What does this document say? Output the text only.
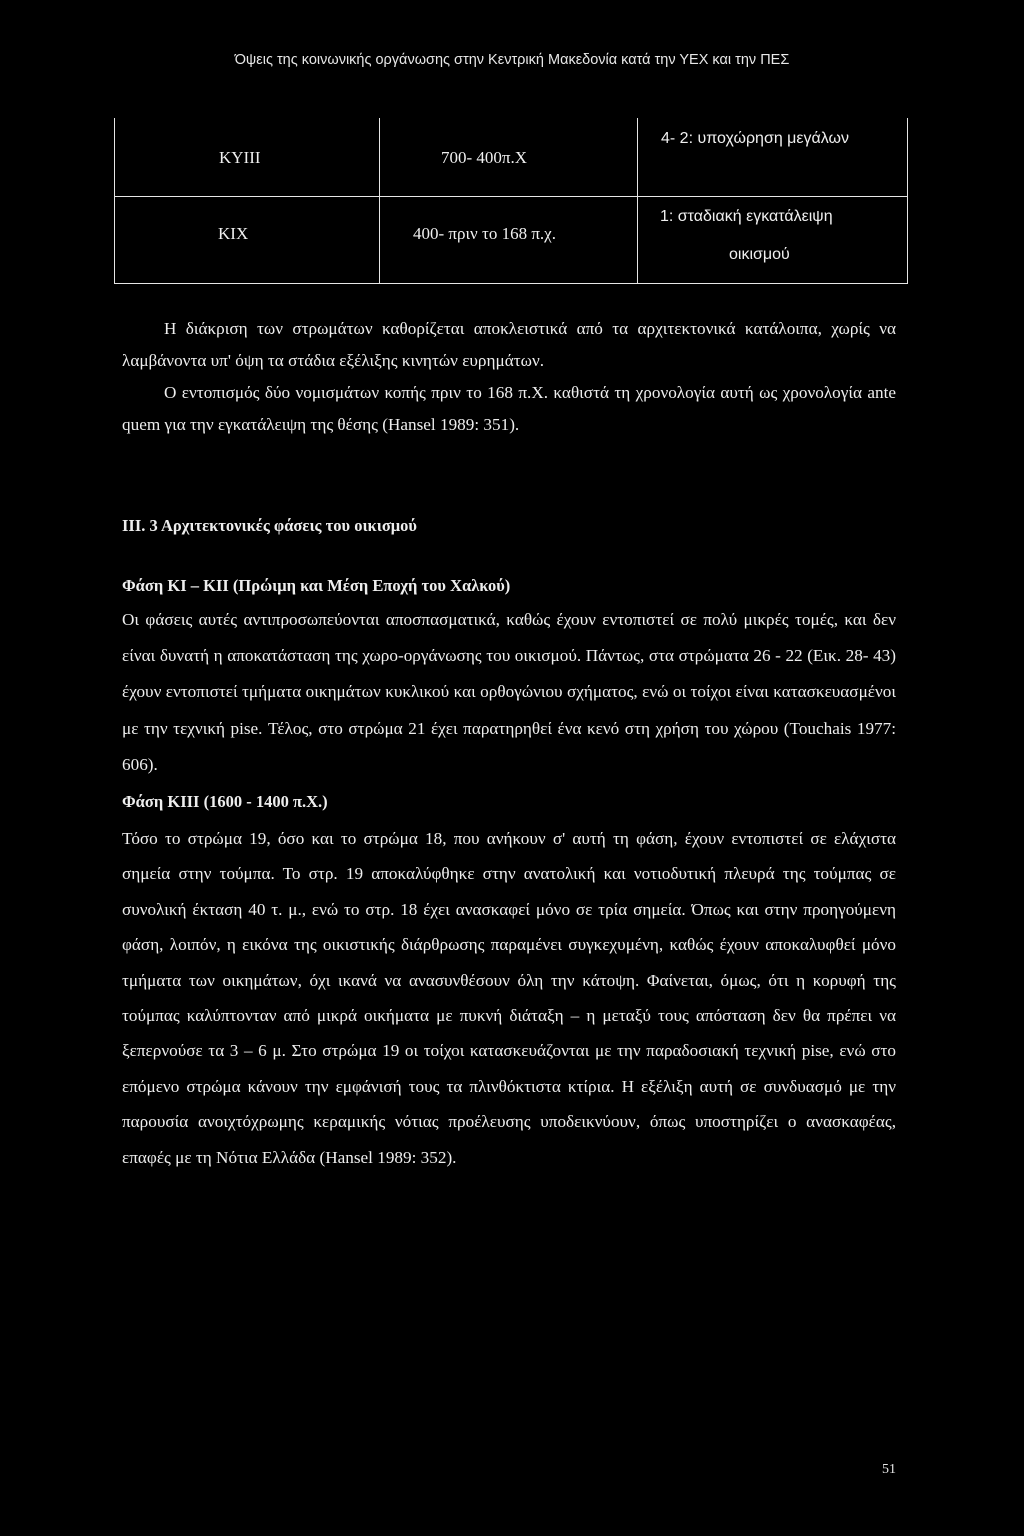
Όψεις της κοινωνικής οργάνωσης στην Κεντρική Μακεδονία κατά την ΥΕΧ και την ΠΕΣ
ΚΥΙΙΙ	700- 400π.Χ
4- 2: υποχώρηση μεγάλων
ΚΙΧ	400- πριν το 168 π.χ.
1: σταδιακή εγκατάλειψη
οικισμού

Η διάκριση των στρωμάτων καθορίζεται αποκλειστικά από τα αρχιτεκτονικά κατάλοιπα, χωρίς να λαμβάνοντα υπ' όψη τα στάδια εξέλιξης κινητών ευρημάτων.

Ο εντοπισμός δύο νομισμάτων κοπής πριν το 168 π.Χ. καθιστά τη χρονολογία αυτή ως χρονολογία ante quem για την εγκατάλειψη της θέσης (Hansel 1989: 351).

ΙΙΙ. 3 Αρχιτεκτονικές φάσεις του οικισμού

Φάση ΚΙ – ΚΙΙ (Πρώιμη και Μέση Εποχή του Χαλκού)

Οι φάσεις αυτές αντιπροσωπεύονται αποσπασματικά, καθώς έχουν εντοπιστεί σε πολύ μικρές τομές, και δεν είναι δυνατή η αποκατάσταση της χωρο-οργάνωσης του οικισμού. Πάντως, στα στρώματα 26 - 22 (Εικ. 28- 43) έχουν εντοπιστεί τμήματα οικημάτων κυκλικού και ορθογώνιου σχήματος, ενώ οι τοίχοι είναι κατασκευασμένοι με την τεχνική pise. Τέλος, στο στρώμα 21 έχει παρατηρηθεί ένα κενό στη χρήση του χώρου (Touchais 1977: 606).

Φάση ΚΙΙΙ (1600 - 1400 π.Χ.)

Τόσο το στρώμα 19, όσο και το στρώμα 18, που ανήκουν σ' αυτή τη φάση, έχουν εντοπιστεί σε ελάχιστα σημεία στην τούμπα. Το στρ. 19 αποκαλύφθηκε στην ανατολική και νοτιοδυτική πλευρά της τούμπας σε συνολική έκταση 40 τ. μ., ενώ το στρ. 18 έχει ανασκαφεί μόνο σε τρία σημεία. Όπως και στην προηγούμενη φάση, λοιπόν, η εικόνα της οικιστικής διάρθρωσης παραμένει συγκεχυμένη, καθώς έχουν αποκαλυφθεί μόνο τμήματα των οικημάτων, όχι ικανά να ανασυνθέσουν όλη την κάτοψη. Φαίνεται, όμως, ότι η κορυφή της τούμπας καλύπτονταν από μικρά οικήματα με πυκνή διάταξη – η μεταξύ τους απόσταση δεν θα πρέπει να ξεπερνούσε τα 3 – 6 μ. Στο στρώμα 19 οι τοίχοι κατασκευάζονται με την παραδοσιακή τεχνική pise, ενώ στο επόμενο στρώμα κάνουν την εμφάνισή τους τα πλινθόκτιστα κτίρια. Η εξέλιξη αυτή σε συνδυασμό με την παρουσία ανοιχτόχρωμης κεραμικής νότιας προέλευσης υποδεικνύουν, όπως υποστηρίζει ο ανασκαφέας, επαφές με τη Νότια Ελλάδα (Hansel 1989: 352).

51
